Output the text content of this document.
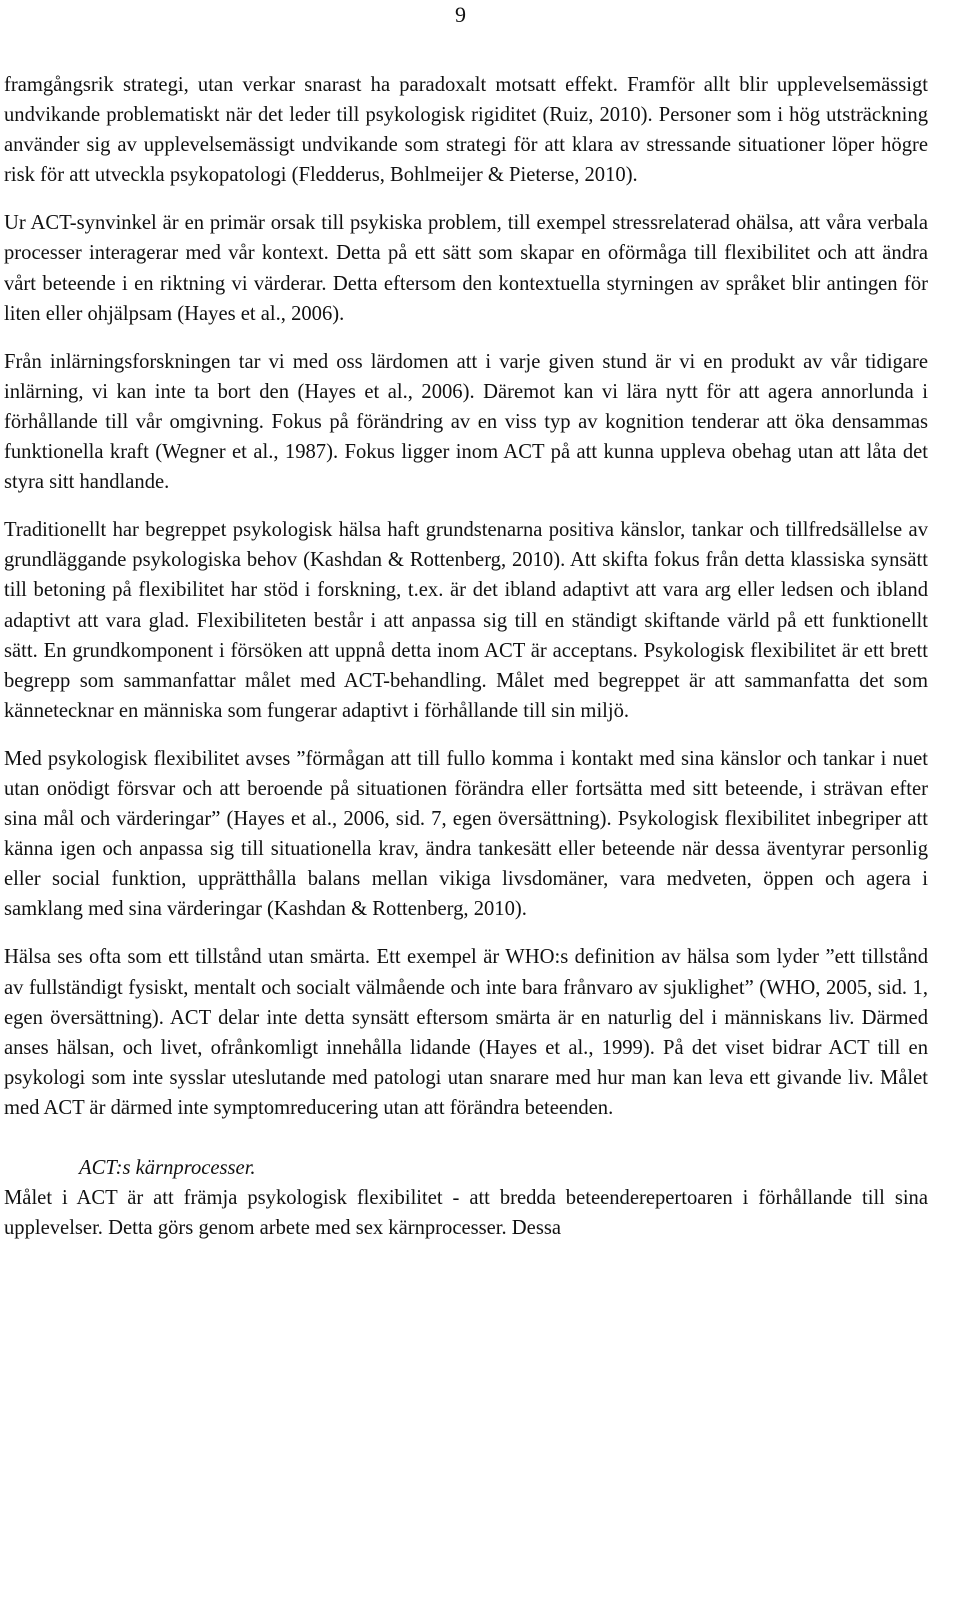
9

framgångsrik strategi, utan verkar snarast ha paradoxalt motsatt effekt. Framför allt blir upplevelsemässigt undvikande problematiskt när det leder till psykologisk rigiditet (Ruiz, 2010). Personer som i hög utsträckning använder sig av upplevelsemässigt undvikande som strategi för att klara av stressande situationer löper högre risk för att utveckla psykopatologi (Fledderus, Bohlmeijer & Pieterse, 2010).

Ur ACT-synvinkel är en primär orsak till psykiska problem, till exempel stressrelaterad ohälsa, att våra verbala processer interagerar med vår kontext. Detta på ett sätt som skapar en oförmåga till flexibilitet och att ändra vårt beteende i en riktning vi värderar. Detta eftersom den kontextuella styrningen av språket blir antingen för liten eller ohjälpsam (Hayes et al., 2006).

Från inlärningsforskningen tar vi med oss lärdomen att i varje given stund är vi en produkt av vår tidigare inlärning, vi kan inte ta bort den (Hayes et al., 2006). Däremot kan vi lära nytt för att agera annorlunda i förhållande till vår omgivning. Fokus på förändring av en viss typ av kognition tenderar att öka densammas funktionella kraft (Wegner et al., 1987). Fokus ligger inom ACT på att kunna uppleva obehag utan att låta det styra sitt handlande.

Traditionellt har begreppet psykologisk hälsa haft grundstenarna positiva känslor, tankar och tillfredsällelse av grundläggande psykologiska behov (Kashdan & Rottenberg, 2010). Att skifta fokus från detta klassiska synsätt till betoning på flexibilitet har stöd i forskning, t.ex. är det ibland adaptivt att vara arg eller ledsen och ibland adaptivt att vara glad. Flexibiliteten består i att anpassa sig till en ständigt skiftande värld på ett funktionellt sätt. En grundkomponent i försöken att uppnå detta inom ACT är acceptans. Psykologisk flexibilitet är ett brett begrepp som sammanfattar målet med ACT-behandling. Målet med begreppet är att sammanfatta det som kännetecknar en människa som fungerar adaptivt i förhållande till sin miljö.

Med psykologisk flexibilitet avses ”förmågan att till fullo komma i kontakt med sina känslor och tankar i nuet utan onödigt försvar och att beroende på situationen förändra eller fortsätta med sitt beteende, i strävan efter sina mål och värderingar” (Hayes et al., 2006, sid. 7, egen översättning). Psykologisk flexibilitet inbegriper att känna igen och anpassa sig till situationella krav, ändra tankesätt eller beteende när dessa äventyrar personlig eller social funktion, upprätthålla balans mellan vikiga livsdomäner, vara medveten, öppen och agera i samklang med sina värderingar (Kashdan & Rottenberg, 2010).

Hälsa ses ofta som ett tillstånd utan smärta. Ett exempel är WHO:s definition av hälsa som lyder ”ett tillstånd av fullständigt fysiskt, mentalt och socialt välmående och inte bara frånvaro av sjuklighet” (WHO, 2005, sid. 1, egen översättning). ACT delar inte detta synsätt eftersom smärta är en naturlig del i människans liv. Därmed anses hälsan, och livet, ofrånkomligt innehålla lidande (Hayes et al., 1999). På det viset bidrar ACT till en psykologi som inte sysslar uteslutande med patologi utan snarare med hur man kan leva ett givande liv. Målet med ACT är därmed inte symptomreducering utan att förändra beteenden.

ACT:s kärnprocesser.

Målet i ACT är att främja psykologisk flexibilitet - att bredda beteenderepertoaren i förhållande till sina upplevelser. Detta görs genom arbete med sex kärnprocesser. Dessa
